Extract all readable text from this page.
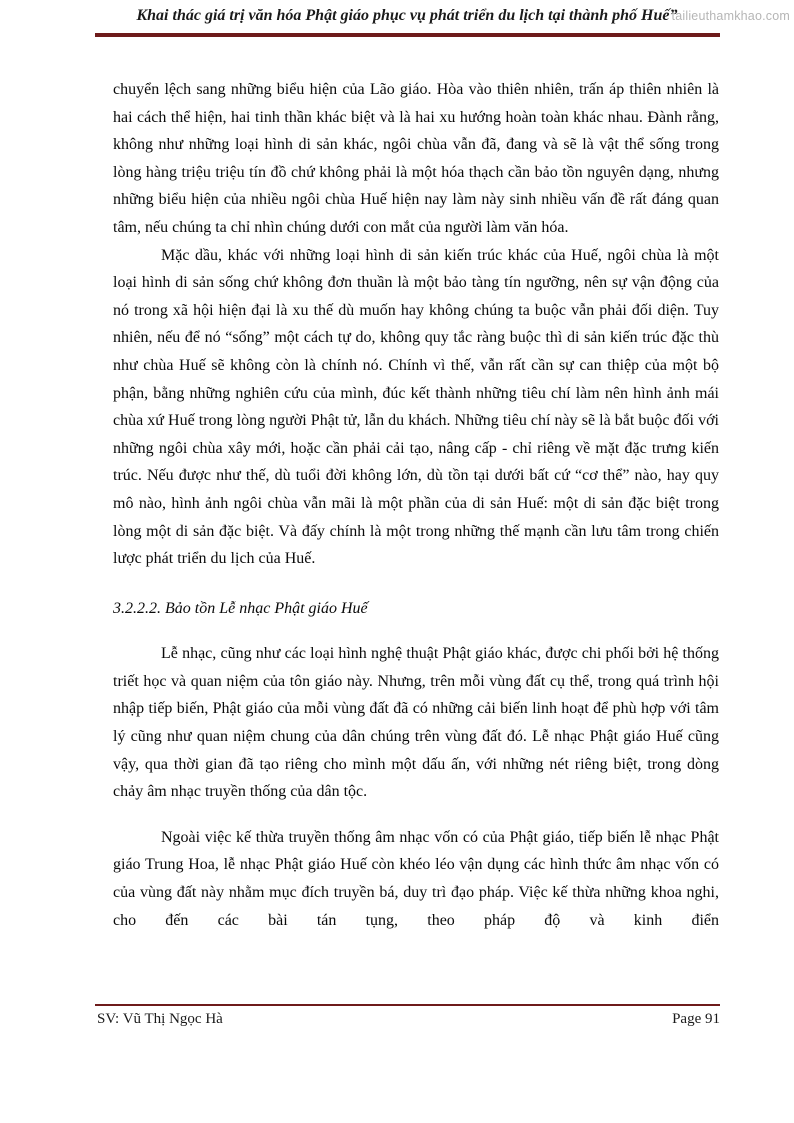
Khai thác giá trị văn hóa Phật giáo phục vụ phát triển du lịch tại thành phố Huế”
tailieuthamkhao.com

chuyển lệch sang những biểu hiện của Lão giáo. Hòa vào thiên nhiên, trấn áp thiên nhiên là hai cách thể hiện, hai tinh thần khác biệt và là hai xu hướng hoàn toàn khác nhau. Đành rằng, không như những loại hình di sản khác, ngôi chùa vẫn đã, đang và sẽ là vật thể sống trong lòng hàng triệu triệu tín đồ chứ không phải là một hóa thạch cần bảo tồn nguyên dạng, nhưng những biểu hiện của nhiều ngôi chùa Huế hiện nay làm này sinh nhiều vấn đề rất đáng quan tâm, nếu chúng ta chỉ nhìn chúng dưới con mắt của người làm văn hóa.

Mặc dầu, khác với những loại hình di sản kiến trúc khác của Huế, ngôi chùa là một loại hình di sản sống chứ không đơn thuần là một bảo tàng tín ngưỡng, nên sự vận động của nó trong xã hội hiện đại là xu thế dù muốn hay không chúng ta buộc vẫn phải đối diện. Tuy nhiên, nếu để nó “sống” một cách tự do, không quy tắc ràng buộc thì di sản kiến trúc đặc thù như chùa Huế sẽ không còn là chính nó. Chính vì thế, vẫn rất cần sự can thiệp của một bộ phận, bằng những nghiên cứu của mình, đúc kết thành những tiêu chí làm nên hình ảnh mái chùa xứ Huế trong lòng người Phật tử, lẫn du khách. Những tiêu chí này sẽ là bắt buộc đối với những ngôi chùa xây mới, hoặc cần phải cải tạo, nâng cấp - chỉ riêng về mặt đặc trưng kiến trúc. Nếu được như thế, dù tuổi đời không lớn, dù tồn tại dưới bất cứ “cơ thể” nào, hay quy mô nào, hình ảnh ngôi chùa vẫn mãi là một phần của di sản Huế: một di sản đặc biệt trong lòng một di sản đặc biệt. Và đấy chính là một trong những thế mạnh cần lưu tâm trong chiến lược phát triển du lịch của Huế.

3.2.2.2. Bảo tồn Lễ nhạc Phật giáo Huế

Lễ nhạc, cũng như các loại hình nghệ thuật Phật giáo khác, được chi phối bởi hệ thống triết học và quan niệm của tôn giáo này. Nhưng, trên mỗi vùng đất cụ thể, trong quá trình hội nhập tiếp biến, Phật giáo của mỗi vùng đất đã có những cải biến linh hoạt để phù hợp với tâm lý cũng như quan niệm chung của dân chúng trên vùng đất đó. Lễ nhạc Phật giáo Huế cũng vậy, qua thời gian đã tạo riêng cho mình một dấu ấn, với những nét riêng biệt, trong dòng chảy âm nhạc truyền thống của dân tộc.

Ngoài việc kế thừa truyền thống âm nhạc vốn có của Phật giáo, tiếp biến lễ nhạc Phật giáo Trung Hoa, lễ nhạc Phật giáo Huế còn khéo léo vận dụng các hình thức âm nhạc vốn có của vùng đất này nhằm mục đích truyền bá, duy trì đạo pháp. Việc kế thừa những khoa nghi, cho đến các bài tán tụng, theo pháp độ và kinh điển

SV: Vũ Thị Ngọc Hà	Page 91
